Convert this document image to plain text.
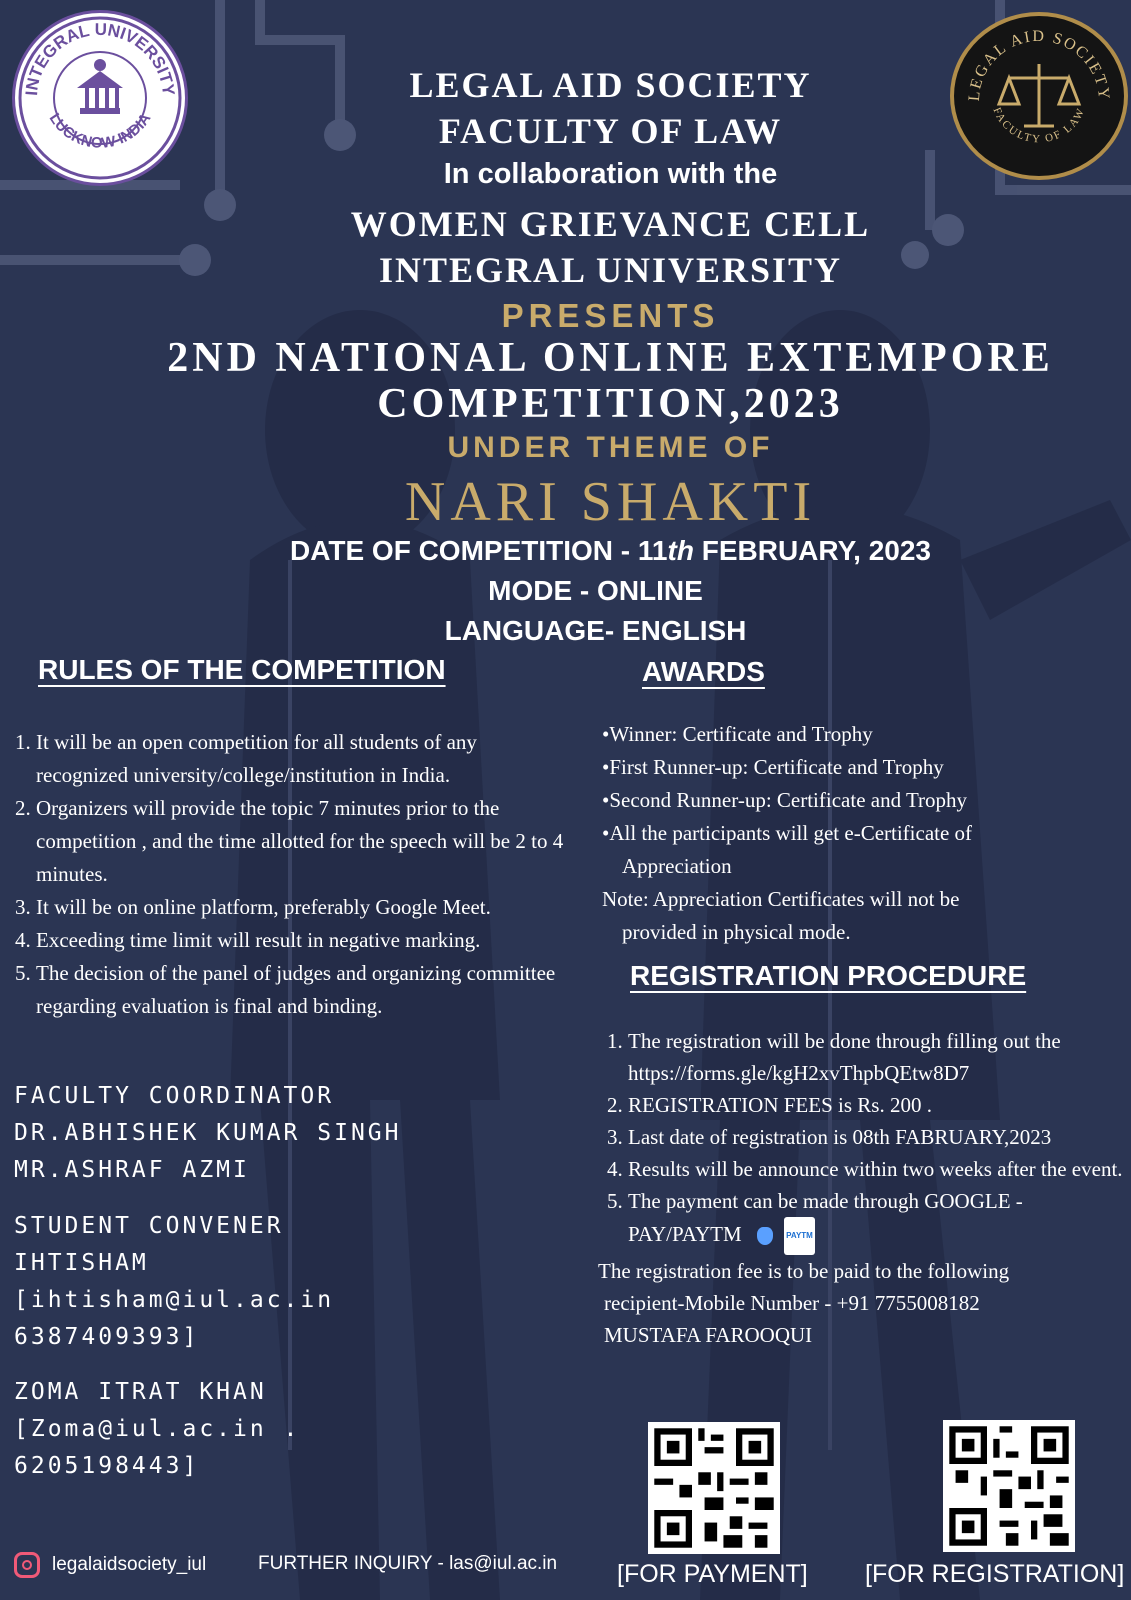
INTEGRAL UNIVERSITY
LUCKNOW-INDIA
LEGAL AID SOCIETY
FACULTY OF LAW
LEGAL AID SOCIETY
FACULTY OF LAW
In collaboration with the
WOMEN GRIEVANCE CELL
INTEGRAL UNIVERSITY
PRESENTS
2ND NATIONAL ONLINE EXTEMPORE
COMPETITION,2023
UNDER THEME OF
NARI SHAKTI
DATE OF COMPETITION - 11th FEBRUARY, 2023
MODE - ONLINE
LANGUAGE- ENGLISH
RULES OF THE COMPETITION
1. It will be an open competition for all students of any recognized university/college/institution in India.
2. Organizers will provide the topic 7 minutes prior to the competition , and the time allotted for the speech will be 2 to 4 minutes.
3. It will be on online platform, preferably Google Meet.
4. Exceeding time limit will result in negative marking.
5. The decision of the panel of judges and organizing committee regarding evaluation is final and binding.
AWARDS
•Winner: Certificate and Trophy
•First Runner-up: Certificate and Trophy
•Second Runner-up: Certificate and Trophy
•All the participants will get e-Certificate of
Appreciation
Note: Appreciation Certificates will not be
provided in physical mode.
REGISTRATION PROCEDURE
1. The registration will be done through filling out the https://forms.gle/kgH2xvThpbQEtw8D7
2. REGISTRATION FEES is Rs. 200 .
3. Last date of registration is 08th FABRUARY,2023
4. Results will be announce within two weeks after the event.
5. The payment can be made through GOOGLE -PAY/PAYTM	PAYTM
The registration fee is to be paid to the following
recipient-Mobile Number - +91 7755008182
MUSTAFA FAROOQUI
FACULTY COORDINATOR
DR.ABHISHEK KUMAR SINGH
MR.ASHRAF AZMI
STUDENT CONVENER
IHTISHAM
[ihtisham@iul.ac.in
6387409393]
ZOMA ITRAT KHAN
[Zoma@iul.ac.in .
6205198443]
legalaidsociety_iul	FURTHER INQUIRY - las@iul.ac.in [FOR PAYMENT] [FOR REGISTRATION]
